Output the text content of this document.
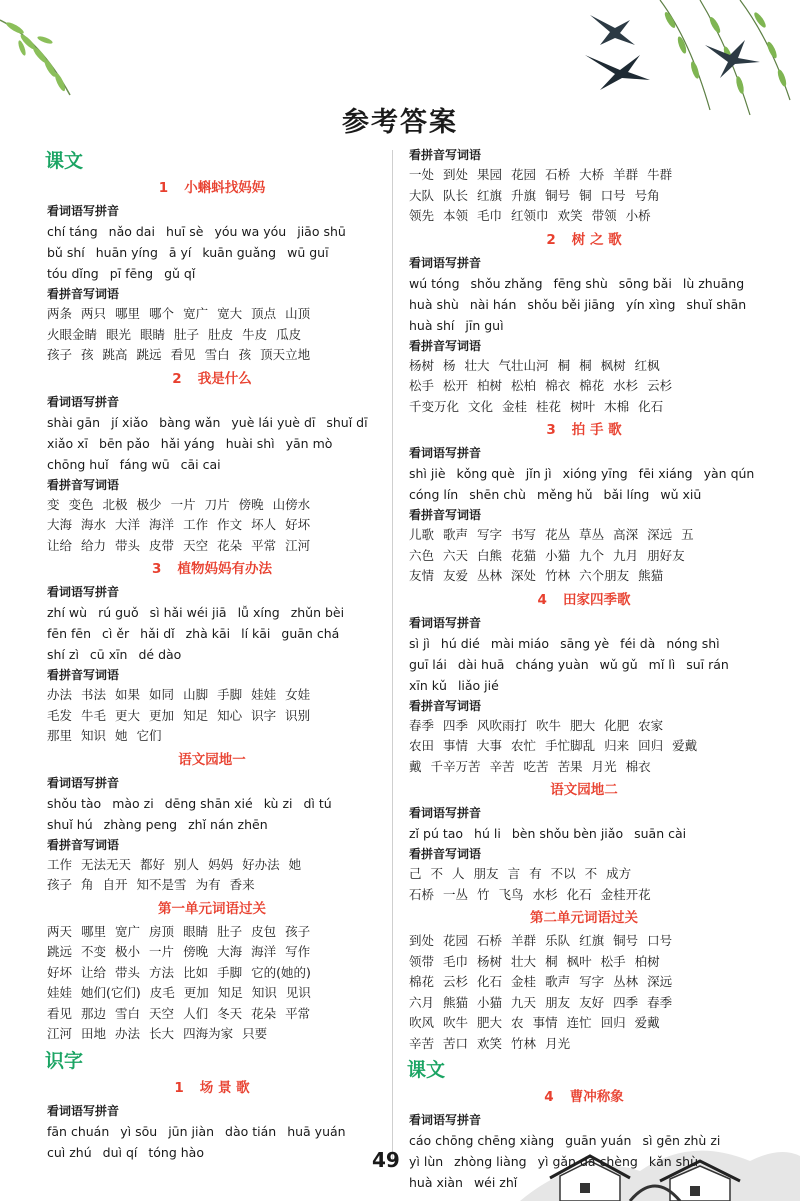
参考答案
课文
1 小蝌蚪找妈妈
看词语写拼音
chí táng nǎo dai huī sè yóu wa yóu jiāo shū
bǔ shí huān yíng ā yí kuān guǎng wū guī
tóu dǐng pī fēng gǔ qǐ
看拼音写词语
两条 两只 哪里 哪个 宽广 宽大 顶点 山顶
火眼金睛 眼光 眼睛 肚子 肚皮 牛皮 瓜皮
孩子 孩 跳高 跳远 看见 雪白 孩 顶天立地
2 我是什么
看词语写拼音
shài gān jí xiǎo bàng wǎn yuè lái yuè dī shuǐ dī
xiǎo xī bēn pǎo hǎi yáng huài shì yān mò
chōng huǐ fáng wū cāi cai
看拼音写词语
变 变色 北极 极少 一片 刀片 傍晚 山傍水
大海 海水 大洋 海洋 工作 作文 坏人 好坏
让给 给力 带头 皮带 天空 花朵 平常 江河
3 植物妈妈有办法
看词语写拼音
zhí wù rú guǒ sì hǎi wéi jiā lǚ xíng zhǔn bèi
fēn fēn cì ěr hǎi dǐ zhà kāi lí kāi guān chá
shí zì cū xīn dé dào
看拼音写词语
办法 书法 如果 如同 山脚 手脚 娃娃 女娃
毛发 牛毛 更大 更加 知足 知心 识字 识别
那里 知识 她 它们
语文园地一
看词语写拼音
shǒu tào mào zi dēng shān xié kù zi dì tú
shuǐ hú zhàng peng zhǐ nán zhēn
看拼音写词语
工作 无法无天 都好 别人 妈妈 好办法 她
孩子 角 自开 知不是雪 为有 香来
第一单元词语过关
两天 哪里 宽广 房顶 眼睛 肚子 皮包 孩子
跳远 不变 极小 一片 傍晚 大海 海洋 写作
好坏 让给 带头 方法 比如 手脚 它的(她的)
娃娃 她们(它们) 皮毛 更加 知足 知识 见识
看见 那边 雪白 天空 人们 冬天 花朵 平常
江河 田地 办法 长大 四海为家 只要
识字
1 场 景 歌
看词语写拼音
fān chuán yì sōu jūn jiàn dào tián huā yuán
cuì zhú duì qí tóng hào
看拼音写词语
一处 到处 果园 花园 石桥 大桥 羊群 牛群
大队 队长 红旗 升旗 铜号 铜 口号 号角
领先 本领 毛巾 红领巾 欢笑 带领 小桥
2 树 之 歌
看词语写拼音
wú tóng shǒu zhǎng fēng shù sōng bǎi lù zhuāng
huà shù nài hán shǒu běi jiāng yín xìng shuǐ shān
huà shí jīn guì
看拼音写词语
杨树 杨 壮大 气壮山河 桐 桐 枫树 红枫
松手 松开 柏树 松柏 棉衣 棉花 水杉 云杉
千变万化 文化 金桂 桂花 树叶 木棉 化石
3 拍 手 歌
看词语写拼音
shì jiè kǒng què jǐn jì xióng yīng fēi xiáng yàn qún
cóng lín shēn chù měng hǔ bǎi líng wǔ xiū
看拼音写词语
儿歌 歌声 写字 书写 花丛 草丛 高深 深远 五
六色 六天 白熊 花猫 小猫 九个 九月 朋好友
友情 友爱 丛林 深处 竹林 六个朋友 熊猫
4 田家四季歌
看词语写拼音
sì jì hú dié mài miáo sāng yè féi dà nóng shì
guī lái dài huā cháng yuàn wǔ gǔ mǐ lì suī rán
xīn kǔ liǎo jié
看拼音写词语
春季 四季 风吹雨打 吹牛 肥大 化肥 农家
农田 事情 大事 农忙 手忙脚乱 归来 回归 爱戴
戴 千辛万苦 辛苦 吃苦 苦果 月光 棉衣
语文园地二
看词语写拼音
zǐ pú tao hú li bèn shǒu bèn jiǎo suān cài
看拼音写词语
己 不 人 朋友 言 有 不以 不 成方
石桥 一丛 竹 飞鸟 水杉 化石 金桂开花
第二单元词语过关
到处 花园 石桥 羊群 乐队 红旗 铜号 口号
领带 毛巾 杨树 壮大 桐 枫叶 松手 柏树
棉花 云杉 化石 金桂 歌声 写字 丛林 深远
六月 熊猫 小猫 九天 朋友 友好 四季 春季
吹风 吹牛 肥大 农 事情 连忙 回归 爱戴
辛苦 苦口 欢笑 竹林 月光
课文
4 曹冲称象
看词语写拼音
cáo chōng chēng xiàng guān yuán sì gēn zhù zi
yì lùn zhòng liàng yì gǎn dà chèng kǎn shù
huà xiàn wéi zhǐ
49
